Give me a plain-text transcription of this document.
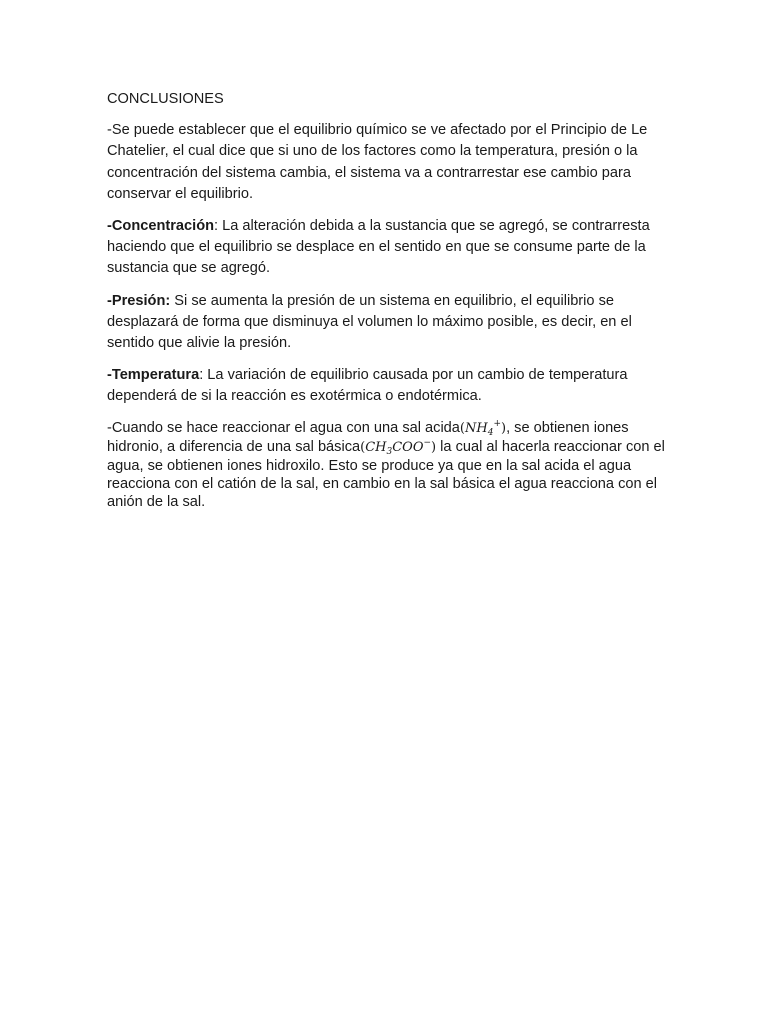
CONCLUSIONES

-Se puede establecer que el equilibrio químico se ve afectado por el Principio de Le Chatelier, el cual dice que si uno de los factores como la temperatura, presión o la concentración del sistema cambia, el sistema va a contrarrestar ese cambio para conservar el equilibrio.

-Concentración: La alteración debida a la sustancia que se agregó, se contrarresta haciendo que el equilibrio se desplace en el sentido en que se consume parte de la sustancia que se agregó.

-Presión: Si se aumenta la presión de un sistema en equilibrio, el equilibrio se desplazará de forma que disminuya el volumen lo máximo posible, es decir, en el sentido que alivie la presión.

-Temperatura: La variación de equilibrio causada por un cambio de temperatura dependerá de si la reacción es exotérmica o endotérmica.

-Cuando se hace reaccionar el agua con una sal $acida(NH_4^+)$, se obtienen iones hidronio, a diferencia de una sal $básica(CH_3COO^-)$ la cual al hacerla reaccionar con el agua, se obtienen iones hidroxilo. Esto se produce ya que en la sal acida el agua reacciona con el catión de la sal, en cambio en la sal básica el agua reacciona con el anión de la sal.
